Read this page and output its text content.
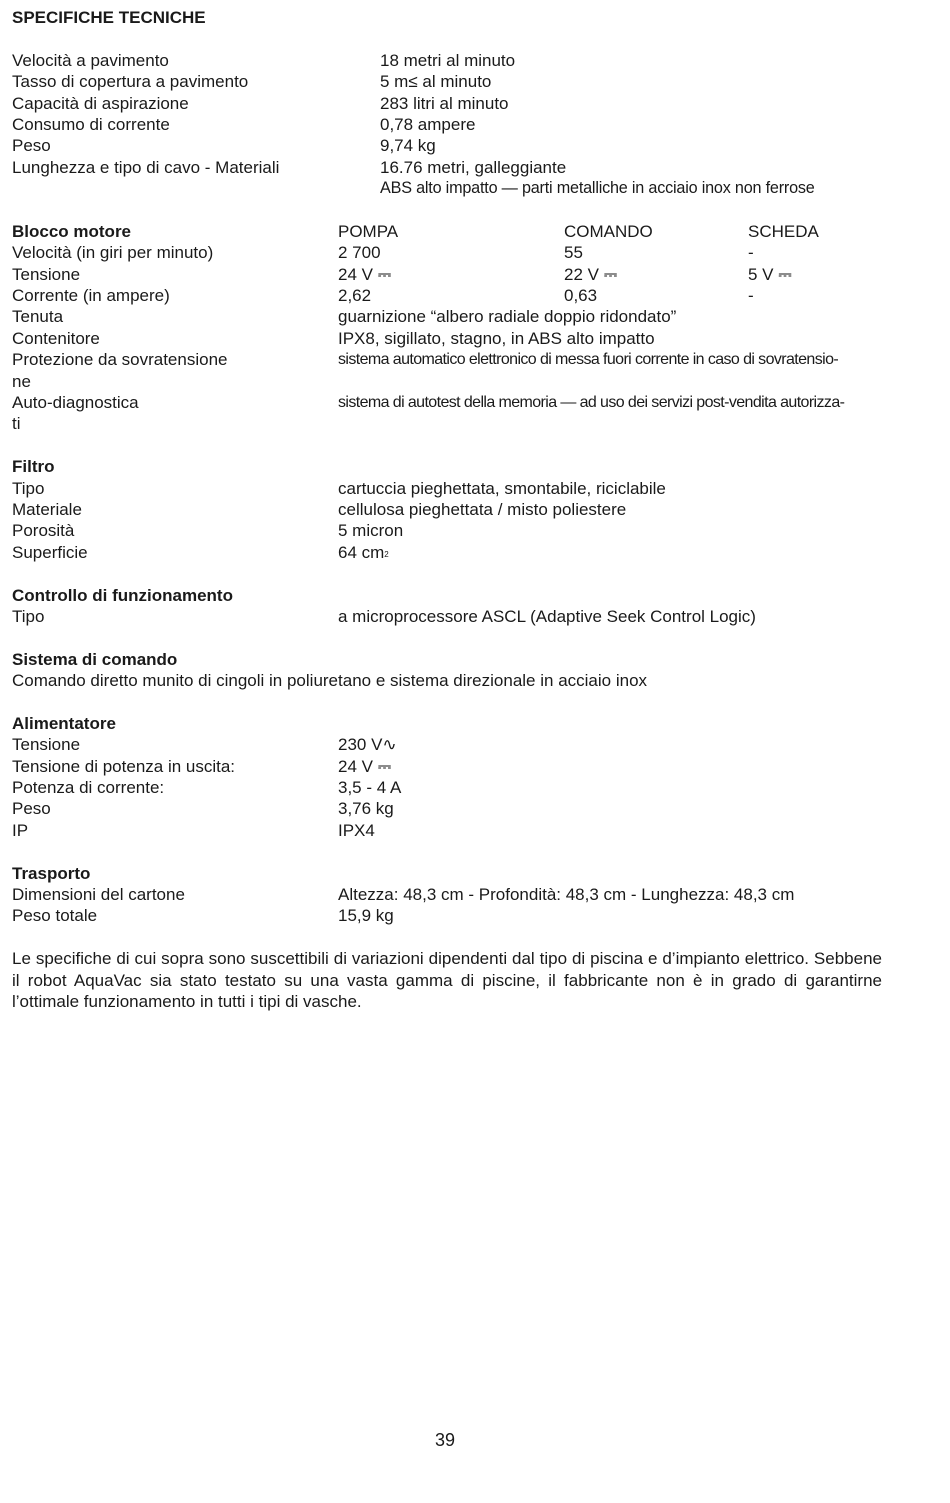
SPECIFICHE TECNICHE
Velocità a pavimento	18 metri al minuto
Tasso di copertura a pavimento	5 m≤ al minuto
Capacità di aspirazione	283 litri al minuto
Consumo di corrente	0,78 ampere
Peso	9,74 kg
Lunghezza e tipo di cavo - Materiali	16.76 metri, galleggiante
ABS alto impatto — parti metalliche in acciaio inox non ferrose
Blocco motore	POMPA	COMANDO	SCHEDA
Velocità (in giri per minuto)	2 700	55	-
Tensione	24 V ⎓	22 V ⎓	5 V ⎓
Corrente (in ampere)	2,62	0,63	-
Tenuta	guarnizione “albero radiale doppio ridondato”
Contenitore	IPX8, sigillato, stagno, in ABS alto impatto
Protezione da sovratensione	sistema automatico elettronico di messa fuori corrente in caso di sovratensio-
ne
Auto-diagnostica	sistema di autotest della memoria — ad uso dei servizi post-vendita autorizza-
ti
Filtro
Tipo	cartuccia pieghettata, smontabile, riciclabile
Materiale	cellulosa pieghettata / misto poliestere
Porosità	5 micron
Superficie	64 cm2
Controllo di funzionamento
Tipo	a microprocessore ASCL (Adaptive Seek Control Logic)
Sistema di comando
Comando diretto munito di cingoli in poliuretano e sistema direzionale in acciaio inox
Alimentatore
Tensione	230 V∿
Tensione di potenza in uscita:	24 V ⎓
Potenza di corrente:	3,5 - 4 A
Peso	3,76 kg
IP	IPX4
Trasporto
Dimensioni del cartone	Altezza: 48,3 cm - Profondità: 48,3 cm - Lunghezza: 48,3 cm
Peso totale	15,9 kg
Le specifiche di cui sopra sono suscettibili di variazioni dipendenti dal tipo di piscina e d’impianto elettrico. Sebbene il robot AquaVac sia stato testato su una vasta gamma di piscine, il fabbricante non è in grado di garantirne l’ottimale funzionamento in tutti i tipi di vasche.
39
